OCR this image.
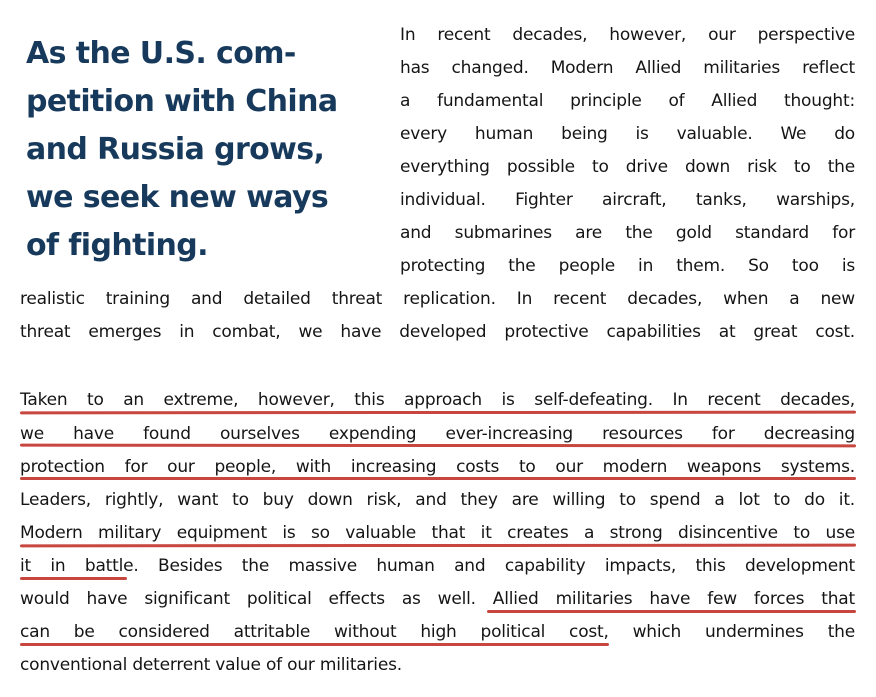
As the U.S. com-
petition with China
and Russia grows,
we seek new ways
of fighting.
In recent decades, however, our perspective
has changed. Modern Allied militaries reflect
a fundamental principle of Allied thought:
every human being is valuable. We do
everything possible to drive down risk to the
individual. Fighter aircraft, tanks, warships,
and submarines are the gold standard for
protecting the people in them. So too is
realistic training and detailed threat replication. In recent decades, when a new
threat emerges in combat, we have developed protective capabilities at great cost.
Taken to an extreme, however, this approach is self-defeating. In recent decades,
we have found ourselves expending ever-increasing resources for decreasing
protection for our people, with increasing costs to our modern weapons systems.
Leaders, rightly, want to buy down risk, and they are willing to spend a lot to do it.
Modern military equipment is so valuable that it creates a strong disincentive to use
it in battle. Besides the massive human and capability impacts, this development
would have significant political effects as well. Allied militaries have few forces that
can be considered attritable without high political cost, which undermines the
conventional deterrent value of our militaries.
